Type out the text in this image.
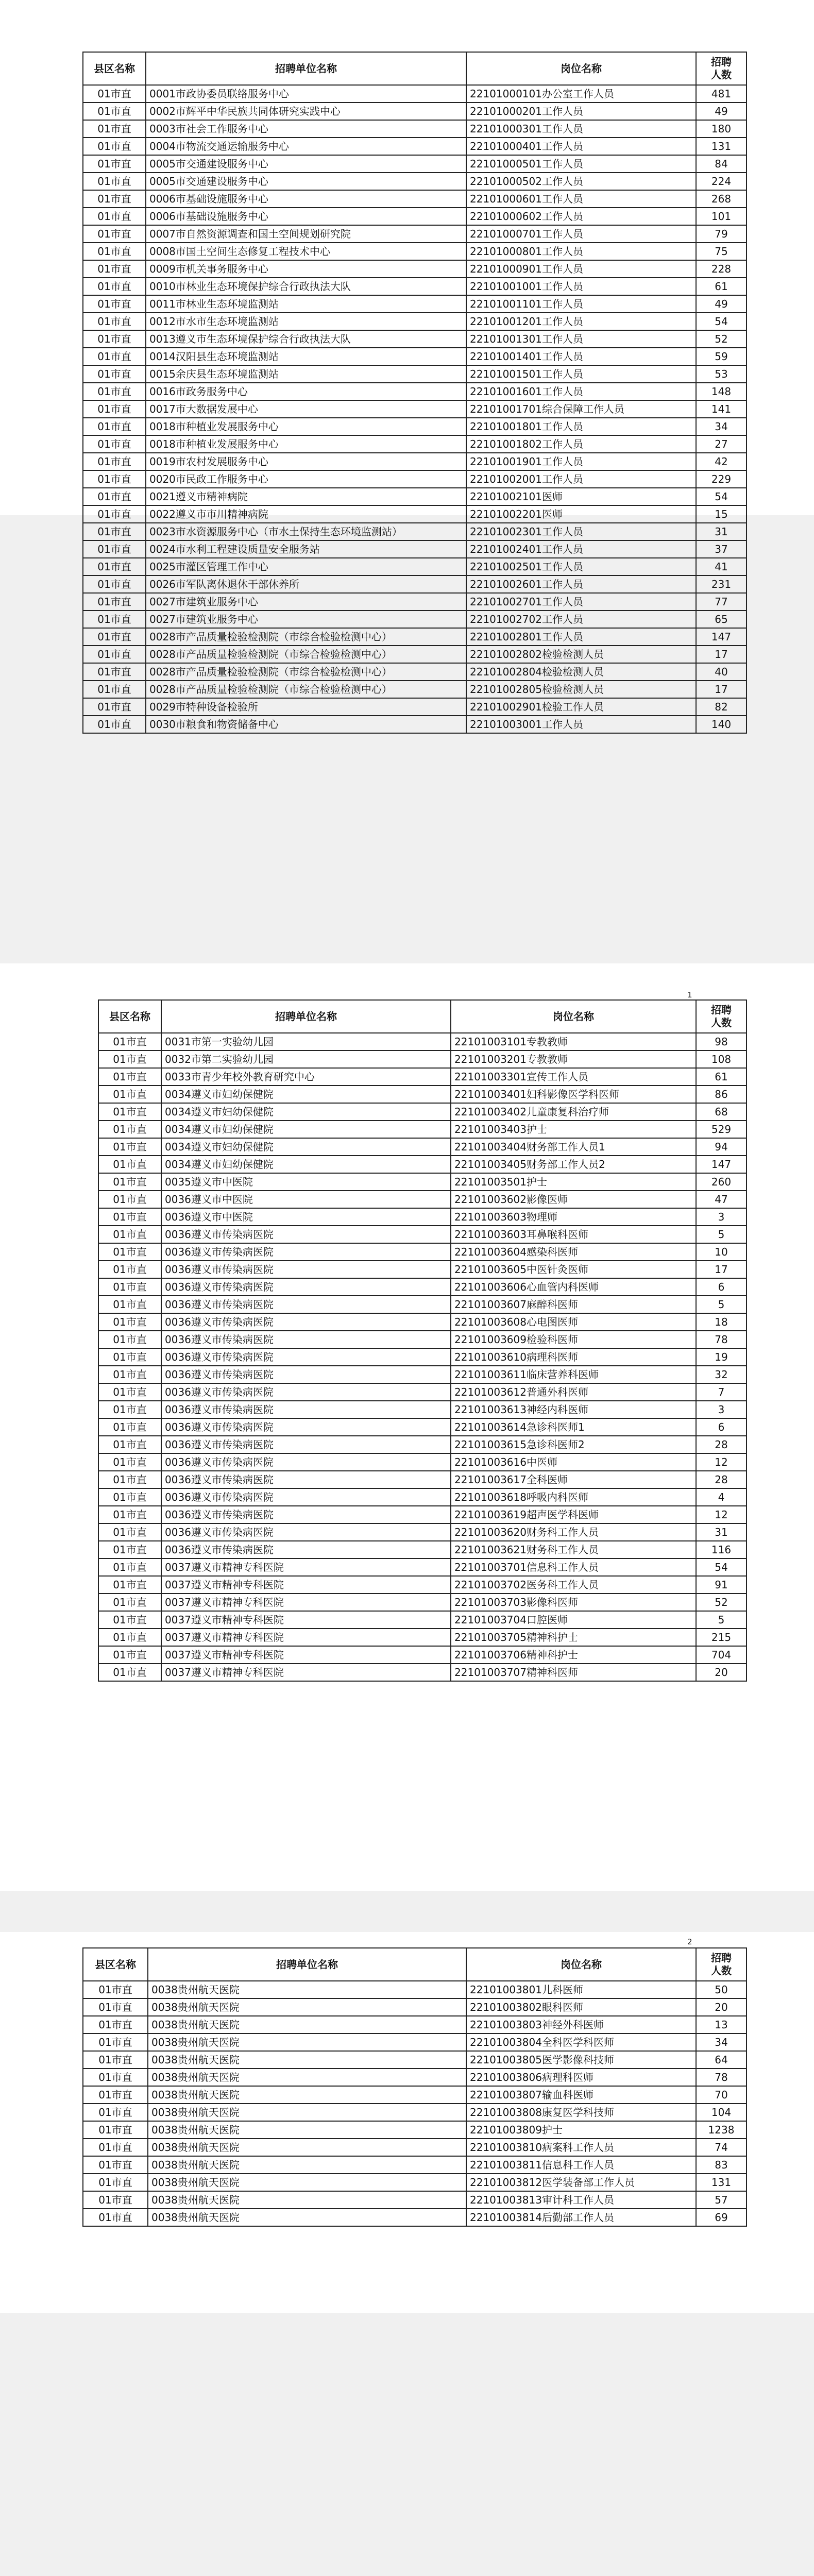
县区名称	招聘单位名称	岗位名称	招聘
人数
01市直	0001市政协委员联络服务中心	22101000101办公室工作人员	481
01市直	0002市辉平中华民族共同体研究实践中心	22101000201工作人员	49
01市直	0003市社会工作服务中心	22101000301工作人员	180
01市直	0004市物流交通运输服务中心	22101000401工作人员	131
01市直	0005市交通建设服务中心	22101000501工作人员	84
01市直	0005市交通建设服务中心	22101000502工作人员	224
01市直	0006市基础设施服务中心	22101000601工作人员	268
01市直	0006市基础设施服务中心	22101000602工作人员	101
01市直	0007市自然资源调查和国土空间规划研究院	22101000701工作人员	79
01市直	0008市国土空间生态修复工程技术中心	22101000801工作人员	75
01市直	0009市机关事务服务中心	22101000901工作人员	228
01市直	0010市林业生态环境保护综合行政执法大队	22101001001工作人员	61
01市直	0011市林业生态环境监测站	22101001101工作人员	49
01市直	0012市水市生态环境监测站	22101001201工作人员	54
01市直	0013遵义市生态环境保护综合行政执法大队	22101001301工作人员	52
01市直	0014汉阳县生态环境监测站	22101001401工作人员	59
01市直	0015余庆县生态环境监测站	22101001501工作人员	53
01市直	0016市政务服务中心	22101001601工作人员	148
01市直	0017市大数据发展中心	22101001701综合保障工作人员	141
01市直	0018市种植业发展服务中心	22101001801工作人员	34
01市直	0018市种植业发展服务中心	22101001802工作人员	27
01市直	0019市农村发展服务中心	22101001901工作人员	42
01市直	0020市民政工作服务中心	22101002001工作人员	229
01市直	0021遵义市精神病院	22101002101医师	54
01市直	0022遵义市市川精神病院	22101002201医师	15
01市直	0023市水资源服务中心（市水土保持生态环境监测站）	22101002301工作人员	31
01市直	0024市水利工程建设质量安全服务站	22101002401工作人员	37
01市直	0025市灌区管理工作中心	22101002501工作人员	41
01市直	0026市军队离休退休干部休养所	22101002601工作人员	231
01市直	0027市建筑业服务中心	22101002701工作人员	77
01市直	0027市建筑业服务中心	22101002702工作人员	65
01市直	0028市产品质量检验检测院（市综合检验检测中心）	22101002801工作人员	147
01市直	0028市产品质量检验检测院（市综合检验检测中心）	22101002802检验检测人员	17
01市直	0028市产品质量检验检测院（市综合检验检测中心）	22101002804检验检测人员	40
01市直	0028市产品质量检验检测院（市综合检验检测中心）	22101002805检验检测人员	17
01市直	0029市特种设备检验所	22101002901检验工作人员	82
01市直	0030市粮食和物资储备中心	22101003001工作人员	140
1
县区名称	招聘单位名称	岗位名称	招聘
人数
01市直	0031市第一实验幼儿园	22101003101专教教师	98
01市直	0032市第二实验幼儿园	22101003201专教教师	108
01市直	0033市青少年校外教育研究中心	22101003301宣传工作人员	61
01市直	0034遵义市妇幼保健院	22101003401妇科影像医学科医师	86
01市直	0034遵义市妇幼保健院	22101003402儿童康复科治疗师	68
01市直	0034遵义市妇幼保健院	22101003403护士	529
01市直	0034遵义市妇幼保健院	22101003404财务部工作人员1	94
01市直	0034遵义市妇幼保健院	22101003405财务部工作人员2	147
01市直	0035遵义市中医院	22101003501护士	260
01市直	0036遵义市中医院	22101003602影像医师	47
01市直	0036遵义市中医院	22101003603物理师	3
01市直	0036遵义市传染病医院	22101003603耳鼻喉科医师	5
01市直	0036遵义市传染病医院	22101003604感染科医师	10
01市直	0036遵义市传染病医院	22101003605中医针灸医师	17
01市直	0036遵义市传染病医院	22101003606心血管内科医师	6
01市直	0036遵义市传染病医院	22101003607麻醉科医师	5
01市直	0036遵义市传染病医院	22101003608心电图医师	18
01市直	0036遵义市传染病医院	22101003609检验科医师	78
01市直	0036遵义市传染病医院	22101003610病理科医师	19
01市直	0036遵义市传染病医院	22101003611临床营养科医师	32
01市直	0036遵义市传染病医院	22101003612普通外科医师	7
01市直	0036遵义市传染病医院	22101003613神经内科医师	3
01市直	0036遵义市传染病医院	22101003614急诊科医师1	6
01市直	0036遵义市传染病医院	22101003615急诊科医师2	28
01市直	0036遵义市传染病医院	22101003616中医师	12
01市直	0036遵义市传染病医院	22101003617全科医师	28
01市直	0036遵义市传染病医院	22101003618呼吸内科医师	4
01市直	0036遵义市传染病医院	22101003619超声医学科医师	12
01市直	0036遵义市传染病医院	22101003620财务科工作人员	31
01市直	0036遵义市传染病医院	22101003621财务科工作人员	116
01市直	0037遵义市精神专科医院	22101003701信息科工作人员	54
01市直	0037遵义市精神专科医院	22101003702医务科工作人员	91
01市直	0037遵义市精神专科医院	22101003703影像科医师	52
01市直	0037遵义市精神专科医院	22101003704口腔医师	5
01市直	0037遵义市精神专科医院	22101003705精神科护士	215
01市直	0037遵义市精神专科医院	22101003706精神科护士	704
01市直	0037遵义市精神专科医院	22101003707精神科医师	20
2
县区名称	招聘单位名称	岗位名称	招聘
人数
01市直	0038贵州航天医院	22101003801儿科医师	50
01市直	0038贵州航天医院	22101003802眼科医师	20
01市直	0038贵州航天医院	22101003803神经外科医师	13
01市直	0038贵州航天医院	22101003804全科医学科医师	34
01市直	0038贵州航天医院	22101003805医学影像科技师	64
01市直	0038贵州航天医院	22101003806病理科医师	78
01市直	0038贵州航天医院	22101003807输血科医师	70
01市直	0038贵州航天医院	22101003808康复医学科技师	104
01市直	0038贵州航天医院	22101003809护士	1238
01市直	0038贵州航天医院	22101003810病案科工作人员	74
01市直	0038贵州航天医院	22101003811信息科工作人员	83
01市直	0038贵州航天医院	22101003812医学装备部工作人员	131
01市直	0038贵州航天医院	22101003813审计科工作人员	57
01市直	0038贵州航天医院	22101003814后勤部工作人员	69
